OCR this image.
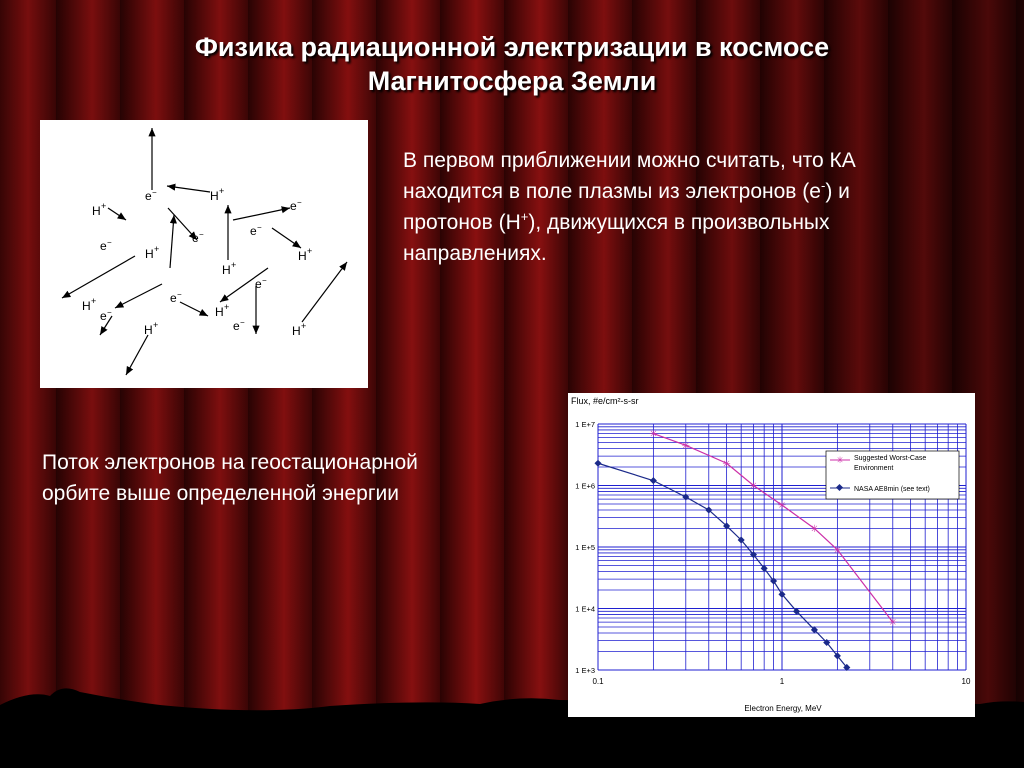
Физика радиационной электризации в космосе
Магнитосфера Земли
e −
e −
e −
e −	e −
e −
e −
e −
e −
H +
H +
H +
H +
H +
H +
H +
H +
H +
В первом приближении можно считать, что КА находится в поле плазмы из электронов (е-) и протонов (Н+), движущихся в произвольных направлениях.
Поток электронов на геостационарной орбите выше определенной энергии
Flux, #e/cm²-s-sr
1 E+7
1 E+6
1 E+5
1 E+4
1 E+3
0.1	1	10
Electron Energy, MeV
✳
✳
✳
✳
✳
✳
✳
✳
✳ Suggested Worst-Case
Environment
NASA AE8min (see text)
